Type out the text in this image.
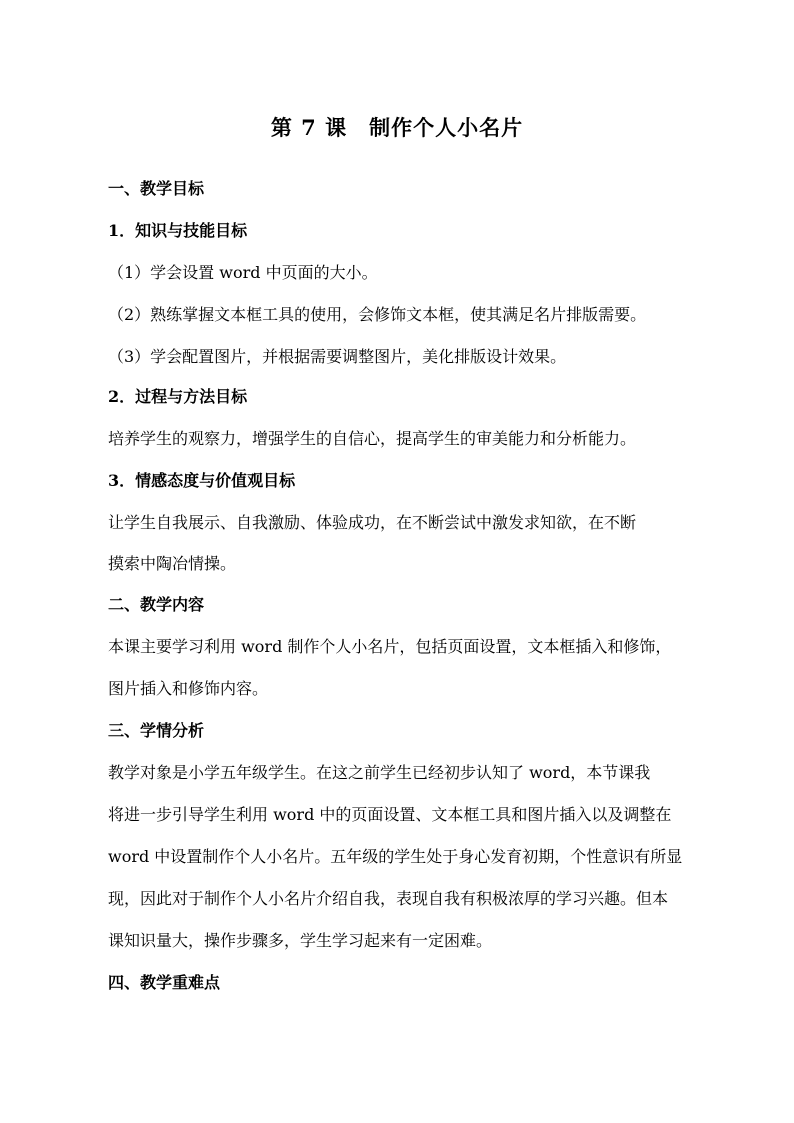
第 7 课　制作个人小名片
一、教学目标
1．知识与技能目标
（1）学会设置 word 中页面的大小。
（2）熟练掌握文本框工具的使用，会修饰文本框，使其满足名片排版需要。
（3）学会配置图片，并根据需要调整图片，美化排版设计效果。
2．过程与方法目标
培养学生的观察力，增强学生的自信心，提高学生的审美能力和分析能力。
3．情感态度与价值观目标
让学生自我展示、自我激励、体验成功，在不断尝试中激发求知欲，在不断
摸索中陶冶情操。
二、教学内容
本课主要学习利用 word 制作个人小名片，包括页面设置，文本框插入和修饰，
图片插入和修饰内容。
三、学情分析
教学对象是小学五年级学生。在这之前学生已经初步认知了 word，本节课我
将进一步引导学生利用 word 中的页面设置、文本框工具和图片插入以及调整在
word 中设置制作个人小名片。五年级的学生处于身心发育初期，个性意识有所显
现，因此对于制作个人小名片介绍自我，表现自我有积极浓厚的学习兴趣。但本
课知识量大，操作步骤多，学生学习起来有一定困难。
四、教学重难点
